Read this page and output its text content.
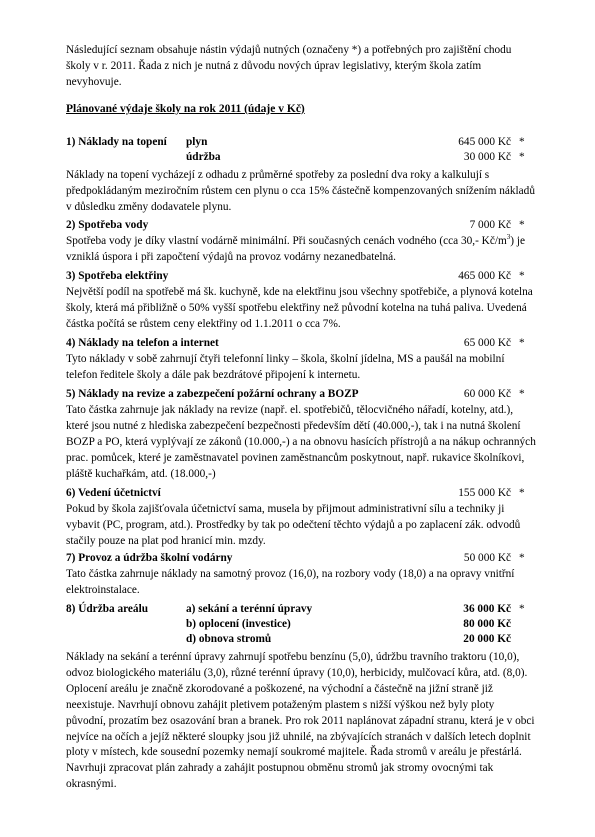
Následující seznam obsahuje nástin výdajů nutných (označeny *) a potřebných pro zajištění chodu školy v r. 2011. Řada z nich je nutná z důvodu nových úprav legislativy, kterým škola zatím nevyhovuje.

Plánované výdaje školy na rok 2011 (údaje v Kč)

1) Náklady na topení plyn	645 000 Kč *
údržba	30 000 Kč *

Náklady na topení vycházejí z odhadu z průměrné spotřeby za poslední dva roky a kalkulují s předpokládaným meziročním růstem cen plynu o cca 15% částečně kompenzovaných snížením nákladů v důsledku změny dodavatele plynu.

2) Spotřeba vody	7 000 Kč *

Spotřeba vody je díky vlastní vodárně minimální. Při současných cenách vodného (cca 30,- $Kč/m^3$) je vzniklá úspora i při započtení výdajů na provoz vodárny nezanedbatelná.

3) Spotřeba elektřiny	465 000 Kč *

Největší podíl na spotřebě má šk. kuchyně, kde na elektřinu jsou všechny spotřebiče, a plynová kotelna školy, která má přibližně o 50% vyšší spotřebu elektřiny než původní kotelna na tuhá paliva. Uvedená částka počítá se růstem ceny elektřiny od 1.1.2011 o cca 7%.

4) Náklady na telefon a internet	65 000 Kč *

Tyto náklady v sobě zahrnují čtyři telefonní linky – škola, školní jídelna, MS a paušál na mobilní telefon ředitele školy a dále pak bezdrátové připojení k internetu.

5) Náklady na revize a zabezpečení požární ochrany a BOZP	60 000 Kč *

Tato částka zahrnuje jak náklady na revize (např. el. spotřebičů, tělocvičného nářadí, kotelny, atd.), které jsou nutné z hlediska zabezpečení bezpečnosti především dětí (40.000,-), tak i na nutná školení BOZP a PO, která vyplývají ze zákonů (10.000,-) a na obnovu hasících přístrojů a na nákup ochranných prac. pomůcek, které je zaměstnavatel povinen zaměstnancům poskytnout, např. rukavice školníkovi, pláště kuchařkám, atd. (18.000,-)

6) Vedení účetnictví	155 000 Kč *

Pokud by škola zajišťovala účetnictví sama, musela by přijmout administrativní sílu a techniky ji vybavit (PC, program, atd.). Prostředky by tak po odečtení těchto výdajů a po zaplacení zák. odvodů stačily pouze na plat pod hranicí min. mzdy.

7) Provoz a údržba školní vodárny	50 000 Kč *

Tato částka zahrnuje náklady na samotný provoz (16,0), na rozbory vody (18,0) a na opravy vnitřní elektroinstalace.

8) Údržba areálu	a) sekání a terénní úpravy	36 000 Kč *
b) oplocení (investice)	80 000 Kč
d) obnova stromů	20 000 Kč

Náklady na sekání a terénní úpravy zahrnují spotřebu benzínu (5,0), údržbu travního traktoru (10,0), odvoz biologického materiálu (3,0), různé terénní úpravy (10,0), herbicidy, mulčovací kůra, atd. (8,0). Oplocení areálu je značně zkorodované a poškozené, na východní a částečně na jižní straně již neexistuje. Navrhují obnovu zahájit pletivem potaženým plastem s nižší výškou než byly ploty původní, prozatím bez osazování bran a branek. Pro rok 2011 naplánovat západní stranu, která je v obci nejvíce na očích a jejíž některé sloupky jsou již uhnilé, na zbývajících stranách v dalších letech doplnit ploty v místech, kde sousední pozemky nemají soukromé majitele. Řada stromů v areálu je přestárlá. Navrhuji zpracovat plán zahrady a zahájit postupnou obměnu stromů jak stromy ovocnými tak okrasnými.
